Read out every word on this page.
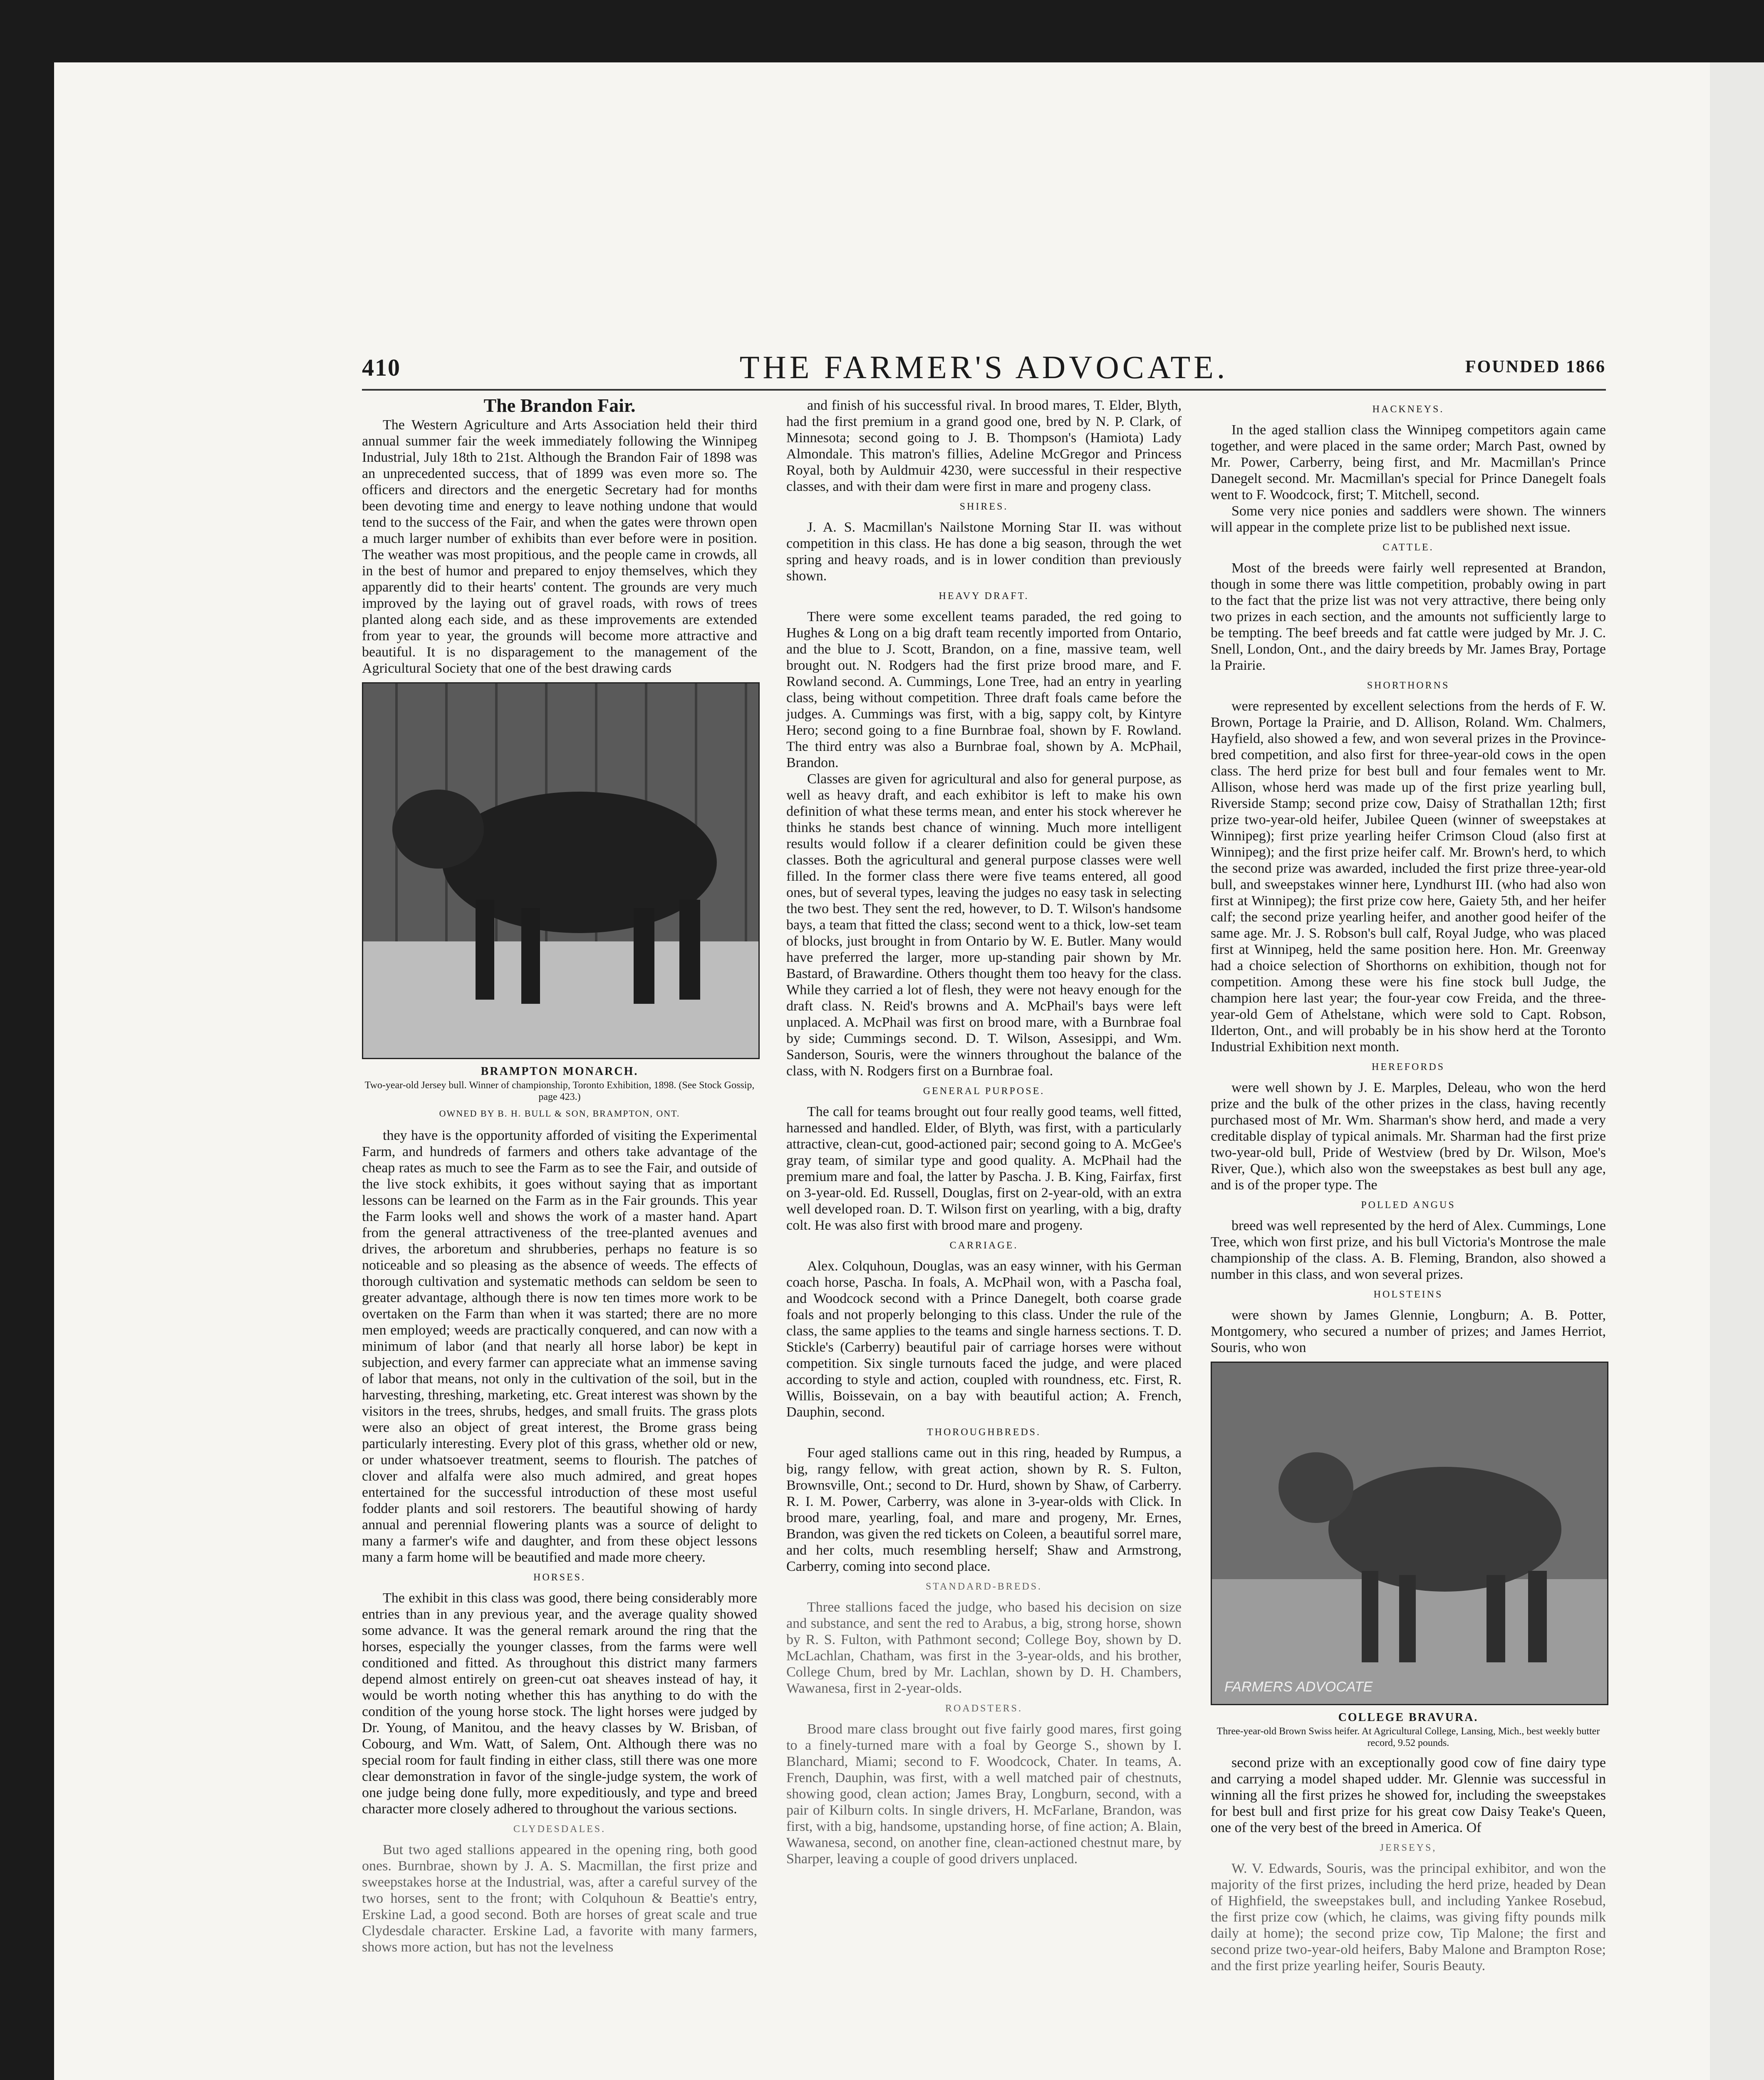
410	THE FARMER'S ADVOCATE.	FOUNDED 1866
The Brandon Fair.

The Western Agriculture and Arts Association held their third annual summer fair the week immediately following the Winnipeg Industrial, July 18th to 21st. Although the Brandon Fair of 1898 was an unprecedented success, that of 1899 was even more so. The officers and directors and the energetic Secretary had for months been devoting time and energy to leave nothing undone that would tend to the success of the Fair, and when the gates were thrown open a much larger number of exhibits than ever before were in position. The weather was most propitious, and the people came in crowds, all in the best of humor and prepared to enjoy themselves, which they apparently did to their hearts' content. The grounds are very much improved by the laying out of gravel roads, with rows of trees planted along each side, and as these improvements are extended from year to year, the grounds will become more attractive and beautiful. It is no disparagement to the management of the Agricultural Society that one of the best drawing cards

BRAMPTON MONARCH.
Two-year-old Jersey bull. Winner of championship, Toronto Exhibition, 1898. (See Stock Gossip, page 423.)
OWNED BY B. H. BULL & SON, BRAMPTON, ONT.

they have is the opportunity afforded of visiting the Experimental Farm, and hundreds of farmers and others take advantage of the cheap rates as much to see the Farm as to see the Fair, and outside of the live stock exhibits, it goes without saying that as important lessons can be learned on the Farm as in the Fair grounds. This year the Farm looks well and shows the work of a master hand. Apart from the general attractiveness of the tree-planted avenues and drives, the arboretum and shrubberies, perhaps no feature is so noticeable and so pleasing as the absence of weeds. The effects of thorough cultivation and systematic methods can seldom be seen to greater advantage, although there is now ten times more work to be overtaken on the Farm than when it was started; there are no more men employed; weeds are practically conquered, and can now with a minimum of labor (and that nearly all horse labor) be kept in subjection, and every farmer can appreciate what an immense saving of labor that means, not only in the cultivation of the soil, but in the harvesting, threshing, marketing, etc. Great interest was shown by the visitors in the trees, shrubs, hedges, and small fruits. The grass plots were also an object of great interest, the Brome grass being particularly interesting. Every plot of this grass, whether old or new, or under whatsoever treatment, seems to flourish. The patches of clover and alfalfa were also much admired, and great hopes entertained for the successful introduction of these most useful fodder plants and soil restorers. The beautiful showing of hardy annual and perennial flowering plants was a source of delight to many a farmer's wife and daughter, and from these object lessons many a farm home will be beautified and made more cheery.

HORSES.

The exhibit in this class was good, there being considerably more entries than in any previous year, and the average quality showed some advance. It was the general remark around the ring that the horses, especially the younger classes, from the farms were well conditioned and fitted. As throughout this district many farmers depend almost entirely on green-cut oat sheaves instead of hay, it would be worth noting whether this has anything to do with the condition of the young horse stock. The light horses were judged by Dr. Young, of Manitou, and the heavy classes by W. Brisban, of Cobourg, and Wm. Watt, of Salem, Ont. Although there was no special room for fault finding in either class, still there was one more clear demonstration in favor of the single-judge system, the work of one judge being done fully, more expeditiously, and type and breed character more closely adhered to throughout the various sections.

CLYDESDALES.

But two aged stallions appeared in the opening ring, both good ones. Burnbrae, shown by J. A. S. Macmillan, the first prize and sweepstakes horse at the Industrial, was, after a careful survey of the two horses, sent to the front; with Colquhoun & Beattie's entry, Erskine Lad, a good second. Both are horses of great scale and true Clydesdale character. Erskine Lad, a favorite with many farmers, shows more action, but has not the levelness

and finish of his successful rival. In brood mares, T. Elder, Blyth, had the first premium in a grand good one, bred by N. P. Clark, of Minnesota; second going to J. B. Thompson's (Hamiota) Lady Almondale. This matron's fillies, Adeline McGregor and Princess Royal, both by Auldmuir 4230, were successful in their respective classes, and with their dam were first in mare and progeny class.

SHIRES.

J. A. S. Macmillan's Nailstone Morning Star II. was without competition in this class. He has done a big season, through the wet spring and heavy roads, and is in lower condition than previously shown.

HEAVY DRAFT.

There were some excellent teams paraded, the red going to Hughes & Long on a big draft team recently imported from Ontario, and the blue to J. Scott, Brandon, on a fine, massive team, well brought out. N. Rodgers had the first prize brood mare, and F. Rowland second. A. Cummings, Lone Tree, had an entry in yearling class, being without competition. Three draft foals came before the judges. A. Cummings was first, with a big, sappy colt, by Kintyre Hero; second going to a fine Burnbrae foal, shown by F. Rowland. The third entry was also a Burnbrae foal, shown by A. McPhail, Brandon.

Classes are given for agricultural and also for general purpose, as well as heavy draft, and each exhibitor is left to make his own definition of what these terms mean, and enter his stock wherever he thinks he stands best chance of winning. Much more intelligent results would follow if a clearer definition could be given these classes. Both the agricultural and general purpose classes were well filled. In the former class there were five teams entered, all good ones, but of several types, leaving the judges no easy task in selecting the two best. They sent the red, however, to D. T. Wilson's handsome bays, a team that fitted the class; second went to a thick, low-set team of blocks, just brought in from Ontario by W. E. Butler. Many would have preferred the larger, more up-standing pair shown by Mr. Bastard, of Brawardine. Others thought them too heavy for the class. While they carried a lot of flesh, they were not heavy enough for the draft class. N. Reid's browns and A. McPhail's bays were left unplaced. A. McPhail was first on brood mare, with a Burnbrae foal by side; Cummings second. D. T. Wilson, Assesippi, and Wm. Sanderson, Souris, were the winners throughout the balance of the class, with N. Rodgers first on a Burnbrae foal.

GENERAL PURPOSE.

The call for teams brought out four really good teams, well fitted, harnessed and handled. Elder, of Blyth, was first, with a particularly attractive, clean-cut, good-actioned pair; second going to A. McGee's gray team, of similar type and good quality. A. McPhail had the premium mare and foal, the latter by Pascha. J. B. King, Fairfax, first on 3-year-old. Ed. Russell, Douglas, first on 2-year-old, with an extra well developed roan. D. T. Wilson first on yearling, with a big, drafty colt. He was also first with brood mare and progeny.

CARRIAGE.

Alex. Colquhoun, Douglas, was an easy winner, with his German coach horse, Pascha. In foals, A. McPhail won, with a Pascha foal, and Woodcock second with a Prince Danegelt, both coarse grade foals and not properly belonging to this class. Under the rule of the class, the same applies to the teams and single harness sections. T. D. Stickle's (Carberry) beautiful pair of carriage horses were without competition. Six single turnouts faced the judge, and were placed according to style and action, coupled with roundness, etc. First, R. Willis, Boissevain, on a bay with beautiful action; A. French, Dauphin, second.

THOROUGHBREDS.

Four aged stallions came out in this ring, headed by Rumpus, a big, rangy fellow, with great action, shown by R. S. Fulton, Brownsville, Ont.; second to Dr. Hurd, shown by Shaw, of Carberry. R. I. M. Power, Carberry, was alone in 3-year-olds with Click. In brood mare, yearling, foal, and mare and progeny, Mr. Ernes, Brandon, was given the red tickets on Coleen, a beautiful sorrel mare, and her colts, much resembling herself; Shaw and Armstrong, Carberry, coming into second place.

STANDARD-BREDS.

Three stallions faced the judge, who based his decision on size and substance, and sent the red to Arabus, a big, strong horse, shown by R. S. Fulton, with Pathmont second; College Boy, shown by D. McLachlan, Chatham, was first in the 3-year-olds, and his brother, College Chum, bred by Mr. Lachlan, shown by D. H. Chambers, Wawanesa, first in 2-year-olds.

ROADSTERS.

Brood mare class brought out five fairly good mares, first going to a finely-turned mare with a foal by George S., shown by I. Blanchard, Miami; second to F. Woodcock, Chater. In teams, A. French, Dauphin, was first, with a well matched pair of chestnuts, showing good, clean action; James Bray, Longburn, second, with a pair of Kilburn colts. In single drivers, H. McFarlane, Brandon, was first, with a big, handsome, upstanding horse, of fine action; A. Blain, Wawanesa, second, on another fine, clean-actioned chestnut mare, by Sharper, leaving a couple of good drivers unplaced.

HACKNEYS.

In the aged stallion class the Winnipeg competitors again came together, and were placed in the same order; March Past, owned by Mr. Power, Carberry, being first, and Mr. Macmillan's Prince Danegelt second. Mr. Macmillan's special for Prince Danegelt foals went to F. Woodcock, first; T. Mitchell, second.

Some very nice ponies and saddlers were shown. The winners will appear in the complete prize list to be published next issue.

CATTLE.

Most of the breeds were fairly well represented at Brandon, though in some there was little competition, probably owing in part to the fact that the prize list was not very attractive, there being only two prizes in each section, and the amounts not sufficiently large to be tempting. The beef breeds and fat cattle were judged by Mr. J. C. Snell, London, Ont., and the dairy breeds by Mr. James Bray, Portage la Prairie.

SHORTHORNS

were represented by excellent selections from the herds of F. W. Brown, Portage la Prairie, and D. Allison, Roland. Wm. Chalmers, Hayfield, also showed a few, and won several prizes in the Province-bred competition, and also first for three-year-old cows in the open class. The herd prize for best bull and four females went to Mr. Allison, whose herd was made up of the first prize yearling bull, Riverside Stamp; second prize cow, Daisy of Strathallan 12th; first prize two-year-old heifer, Jubilee Queen (winner of sweepstakes at Winnipeg); first prize yearling heifer Crimson Cloud (also first at Winnipeg); and the first prize heifer calf. Mr. Brown's herd, to which the second prize was awarded, included the first prize three-year-old bull, and sweepstakes winner here, Lyndhurst III. (who had also won first at Winnipeg); the first prize cow here, Gaiety 5th, and her heifer calf; the second prize yearling heifer, and another good heifer of the same age. Mr. J. S. Robson's bull calf, Royal Judge, who was placed first at Winnipeg, held the same position here. Hon. Mr. Greenway had a choice selection of Shorthorns on exhibition, though not for competition. Among these were his fine stock bull Judge, the champion here last year; the four-year cow Freida, and the three-year-old Gem of Athelstane, which were sold to Capt. Robson, Ilderton, Ont., and will probably be in his show herd at the Toronto Industrial Exhibition next month.

HEREFORDS

were well shown by J. E. Marples, Deleau, who won the herd prize and the bulk of the other prizes in the class, having recently purchased most of Mr. Wm. Sharman's show herd, and made a very creditable display of typical animals. Mr. Sharman had the first prize two-year-old bull, Pride of Westview (bred by Dr. Wilson, Moe's River, Que.), which also won the sweepstakes as best bull any age, and is of the proper type. The

POLLED ANGUS

breed was well represented by the herd of Alex. Cummings, Lone Tree, which won first prize, and his bull Victoria's Montrose the male championship of the class. A. B. Fleming, Brandon, also showed a number in this class, and won several prizes.

HOLSTEINS

were shown by James Glennie, Longburn; A. B. Potter, Montgomery, who secured a number of prizes; and James Herriot, Souris, who won

FARMERS ADVOCATE
COLLEGE BRAVURA.
Three-year-old Brown Swiss heifer. At Agricultural College, Lansing, Mich., best weekly butter record, 9.52 pounds.

second prize with an exceptionally good cow of fine dairy type and carrying a model shaped udder. Mr. Glennie was successful in winning all the first prizes he showed for, including the sweepstakes for best bull and first prize for his great cow Daisy Teake's Queen, one of the very best of the breed in America. Of

JERSEYS,

W. V. Edwards, Souris, was the principal exhibitor, and won the majority of the first prizes, including the herd prize, headed by Dean of Highfield, the sweepstakes bull, and including Yankee Rosebud, the first prize cow (which, he claims, was giving fifty pounds milk daily at home); the second prize cow, Tip Malone; the first and second prize two-year-old heifers, Baby Malone and Brampton Rose; and the first prize yearling heifer, Souris Beauty.
